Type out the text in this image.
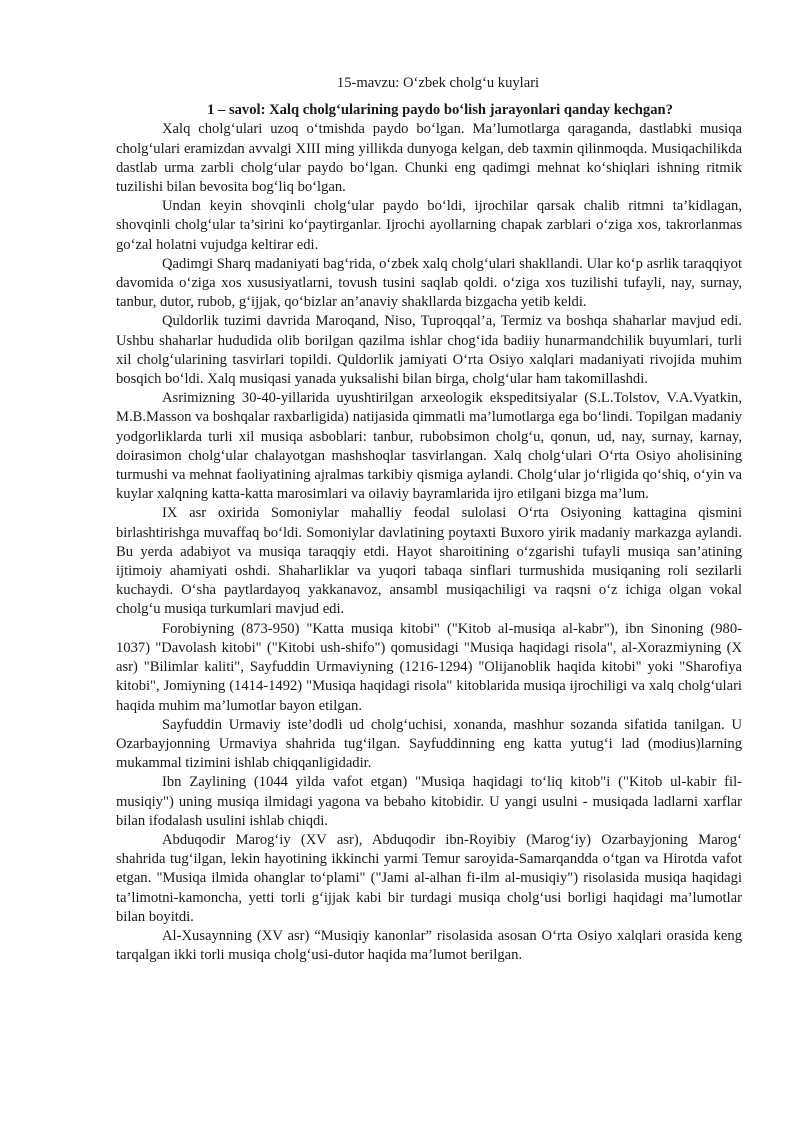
15-mavzu: O‘zbek cholg‘u kuylari

1 – savol: Xalq cholg‘ularining paydo bo‘lish jarayonlari qanday kechgan?

Xalq cholg‘ulari uzoq o‘tmishda paydo bo‘lgan. Ma’lumotlarga qaraganda, dastlabki musiqa cholg‘ulari eramizdan avvalgi XIII ming yillikda dunyoga kelgan, deb taxmin qilinmoqda. Musiqachilikda dastlab urma zarbli cholg‘ular paydo bo‘lgan. Chunki eng qadimgi mehnat ko‘shiqlari ishning ritmik tuzilishi bilan bevosita bog‘liq bo‘lgan.

Undan keyin shovqinli cholg‘ular paydo bo‘ldi, ijrochilar qarsak chalib ritmni ta’kidlagan, shovqinli cholg‘ular ta’sirini ko‘paytirganlar. Ijrochi ayollarning chapak zarblari o‘ziga xos, takrorlanmas go‘zal holatni vujudga keltirar edi.

Qadimgi Sharq madaniyati bag‘rida, o‘zbek xalq cholg‘ulari shakllandi. Ular ko‘p asrlik taraqqiyot davomida o‘ziga xos xususiyatlarni, tovush tusini saqlab qoldi. o‘ziga xos tuzilishi tufayli, nay, surnay, tanbur, dutor, rubob, g‘ijjak, qo‘bizlar an’anaviy shakllarda bizgacha yetib keldi.

Quldorlik tuzimi davrida Maroqand, Niso, Tuproqqal’a, Termiz va boshqa shaharlar mavjud edi. Ushbu shaharlar hududida olib borilgan qazilma ishlar chog‘ida badiiy hunarmandchilik buyumlari, turli xil cholg‘ularining tasvirlari topildi. Quldorlik jamiyati O‘rta Osiyo xalqlari madaniyati rivojida muhim bosqich bo‘ldi. Xalq musiqasi yanada yuksalishi bilan birga, cholg‘ular ham takomillashdi.

Asrimizning 30-40-yillarida uyushtirilgan arxeologik ekspeditsiyalar (S.L.Tolstov, V.A.Vyatkin, M.B.Masson va boshqalar raxbarligida) natijasida qimmatli ma’lumotlarga ega bo‘lindi. Topilgan madaniy yodgorliklarda turli xil musiqa asboblari: tanbur, rubobsimon cholg‘u, qonun, ud, nay, surnay, karnay, doirasimon cholg‘ular chalayotgan mashshoqlar tasvirlangan. Xalq cholg‘ulari O‘rta Osiyo aholisining turmushi va mehnat faoliyatining ajralmas tarkibiy qismiga aylandi. Cholg‘ular jo‘rligida qo‘shiq, o‘yin va kuylar xalqning katta-katta marosimlari va oilaviy bayramlarida ijro etilgani bizga ma’lum.

IX asr oxirida Somoniylar mahalliy feodal sulolasi O‘rta Osiyoning kattagina qismini birlashtirishga muvaffaq bo‘ldi. Somoniylar davlatining poytaxti Buxoro yirik madaniy markazga aylandi. Bu yerda adabiyot va musiqa taraqqiy etdi. Hayot sharoitining o‘zgarishi tufayli musiqa san’atining ijtimoiy ahamiyati oshdi. Shaharliklar va yuqori tabaqa sinflari turmushida musiqaning roli sezilarli kuchaydi. O‘sha paytlardayoq yakkanavoz, ansambl musiqachiligi va raqsni o‘z ichiga olgan vokal cholg‘u musiqa turkumlari mavjud edi.

Forobiyning (873-950) "Katta musiqa kitobi" ("Kitob al-musiqa al-kabr"), ibn Sinoning (980-1037) "Davolash kitobi" ("Kitobi ush-shifo") qomusidagi "Musiqa haqidagi risola", al-Xorazmiyning (X asr) "Bilimlar kaliti", Sayfuddin Urmaviyning (1216-1294) "Olijanoblik haqida kitobi" yoki "Sharofiya kitobi", Jomiyning (1414-1492) "Musiqa haqidagi risola" kitoblarida musiqa ijrochiligi va xalq cholg‘ulari haqida muhim ma’lumotlar bayon etilgan.

Sayfuddin Urmaviy iste’dodli ud cholg‘uchisi, xonanda, mashhur sozanda sifatida tanilgan. U Ozarbayjonning Urmaviya shahrida tug‘ilgan. Sayfuddinning eng katta yutug‘i lad (modius)larning mukammal tizimini ishlab chiqqanligidadir.

Ibn Zaylining (1044 yilda vafot etgan) "Musiqa haqidagi to‘liq kitob"i ("Kitob ul-kabir fil-musiqiy") uning musiqa ilmidagi yagona va bebaho kitobidir. U yangi usulni - musiqada ladlarni xarflar bilan ifodalash usulini ishlab chiqdi.

Abduqodir Marog‘iy (XV asr), Abduqodir ibn-Royibiy (Marog‘iy) Ozarbayjoning Marog‘ shahrida tug‘ilgan, lekin hayotining ikkinchi yarmi Temur saroyida-Samarqandda o‘tgan va Hirotda vafot etgan. "Musiqa ilmida ohanglar to‘plami" ("Jami al-alhan fi-ilm al-musiqiy") risolasida musiqa haqidagi ta’limotni-kamoncha, yetti torli g‘ijjak kabi bir turdagi musiqa cholg‘usi borligi haqidagi ma’lumotlar bilan boyitdi.

Al-Xusaynning (XV asr) “Musiqiy kanonlar” risolasida asosan O‘rta Osiyo xalqlari orasida keng tarqalgan ikki torli musiqa cholg‘usi-dutor haqida ma’lumot berilgan.
